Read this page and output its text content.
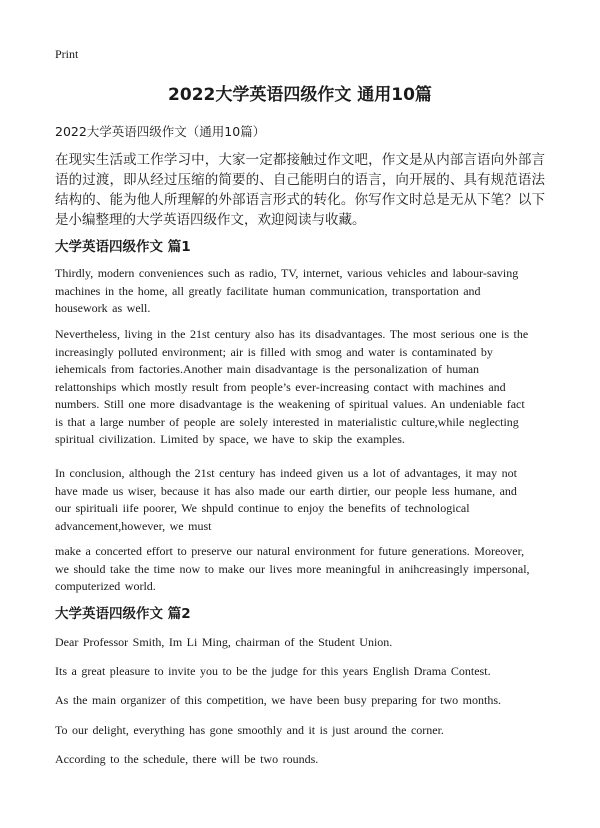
Print
2022大学英语四级作文 通用10篇
2022大学英语四级作文（通用10篇）

在现实生活或工作学习中，大家一定都接触过作文吧，作文是从内部言语向外部言语的过渡，即从经过压缩的简要的、自己能明白的语言，向开展的、具有规范语法结构的、能为他人所理解的外部语言形式的转化。你写作文时总是无从下笔？以下是小编整理的大学英语四级作文，欢迎阅读与收藏。

大学英语四级作文 篇1

Thirdly, modern conveniences such as radio, TV, internet, various vehicles and labour-saving machines in the home, all greatly facilitate human communication, transportation and housework as well.

Nevertheless, living in the 21st century also has its disadvantages. The most serious one is the increasingly polluted environment; air is filled with smog and water is contaminated by iehemicals from factories.Another main disadvantage is the personalization of human relattonships which mostly result from people’s ever-increasing contact with machines and numbers. Still one more disadvantage is the weakening of spiritual values. An undeniable fact is that a large number of people are solely interested in materialistic culture,while neglecting spiritual civilization. Limited by space, we have to skip the examples.

In conclusion, although the 21st century has indeed given us a lot of advantages, it may not have made us wiser, because it has also made our earth dirtier, our people less humane, and our spirituali iife poorer, We shpuld continue to enjoy the benefits of technological advancement,however, we must

make a concerted effort to preserve our natural environment for future generations. Moreover, we should take the time now to make our lives more meaningful in anihcreasingly impersonal, computerized world.

大学英语四级作文 篇2
Dear Professor Smith, Im Li Ming, chairman of the Student Union.
Its a great pleasure to invite you to be the judge for this years English Drama Contest.
As the main organizer of this competition, we have been busy preparing for two months.
To our delight, everything has gone smoothly and it is just around the corner.
According to the schedule, there will be two rounds.
